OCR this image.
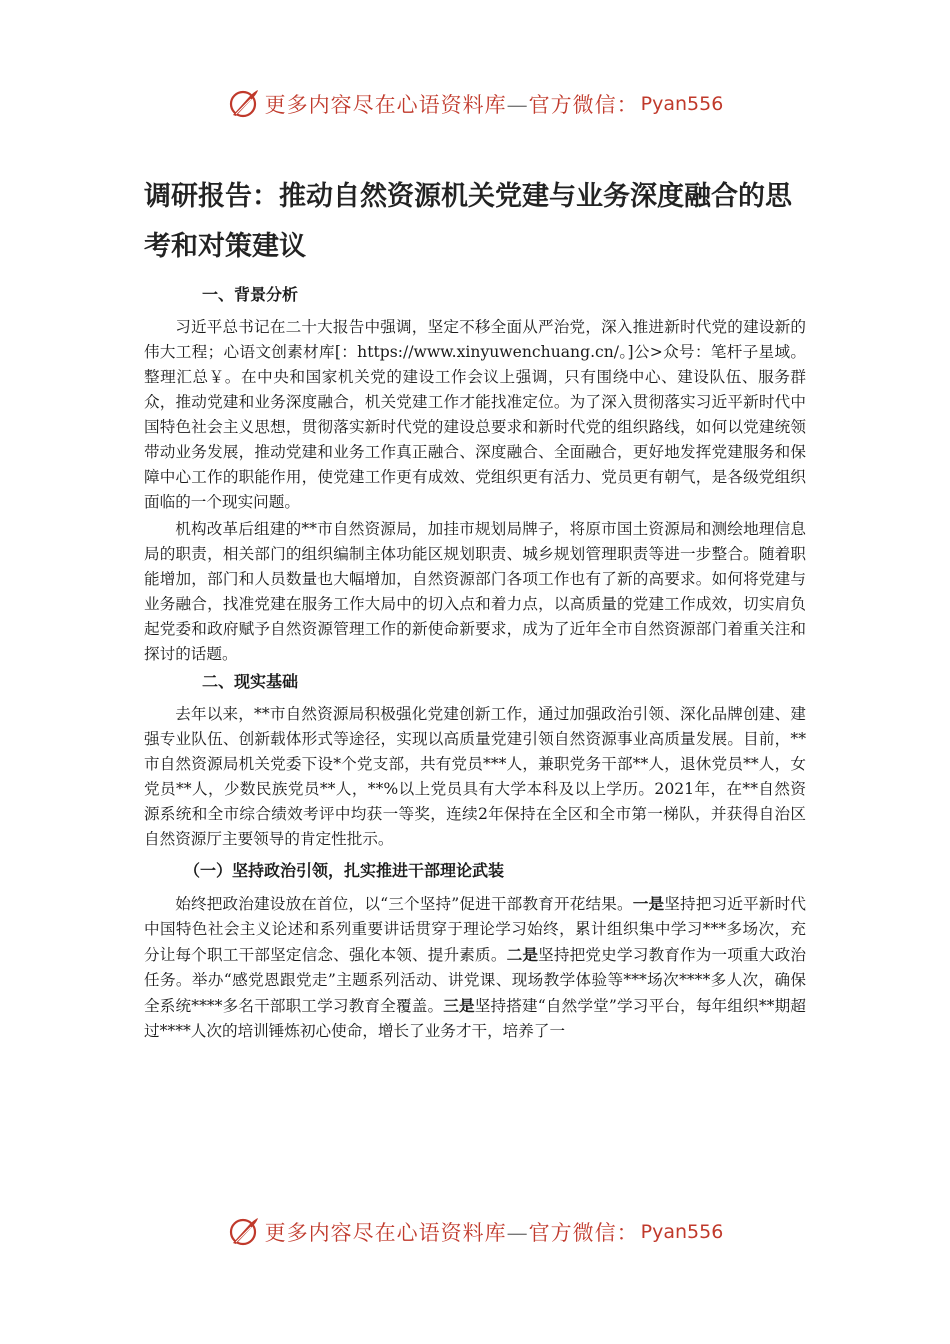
更多内容尽在心语资料库—官方微信： Pyan556
调研报告：推动自然资源机关党建与业务深度融合的思考和对策建议

一、背景分析

习近平总书记在二十大报告中强调，坚定不移全面从严治党，深入推进新时代党的建设新的伟大工程；心语文创素材库[：https://www.xinyuwenchuang.cn/。]公>众号：笔杆子星域。整理汇总￥。在中央和国家机关党的建设工作会议上强调，只有围绕中心、建设队伍、服务群众，推动党建和业务深度融合，机关党建工作才能找准定位。为了深入贯彻落实习近平新时代中国特色社会主义思想，贯彻落实新时代党的建设总要求和新时代党的组织路线，如何以党建统领带动业务发展，推动党建和业务工作真正融合、深度融合、全面融合，更好地发挥党建服务和保障中心工作的职能作用，使党建工作更有成效、党组织更有活力、党员更有朝气，是各级党组织面临的一个现实问题。

机构改革后组建的**市自然资源局，加挂市规划局牌子，将原市国土资源局和测绘地理信息局的职责，相关部门的组织编制主体功能区规划职责、城乡规划管理职责等进一步整合。随着职能增加，部门和人员数量也大幅增加，自然资源部门各项工作也有了新的高要求。如何将党建与业务融合，找准党建在服务工作大局中的切入点和着力点，以高质量的党建工作成效，切实肩负起党委和政府赋予自然资源管理工作的新使命新要求，成为了近年全市自然资源部门着重关注和探讨的话题。

二、现实基础

去年以来，**市自然资源局积极强化党建创新工作，通过加强政治引领、深化品牌创建、建强专业队伍、创新载体形式等途径，实现以高质量党建引领自然资源事业高质量发展。目前，**市自然资源局机关党委下设*个党支部，共有党员***人，兼职党务干部**人，退休党员**人，女党员**人，少数民族党员**人，**%以上党员具有大学本科及以上学历。2021年，在**自然资源系统和全市综合绩效考评中均获一等奖，连续2年保持在全区和全市第一梯队，并获得自治区自然资源厅主要领导的肯定性批示。

（一）坚持政治引领，扎实推进干部理论武装

始终把政治建设放在首位，以“三个坚持”促进干部教育开花结果。一是坚持把习近平新时代中国特色社会主义论述和系列重要讲话贯穿于理论学习始终，累计组织集中学习***多场次，充分让每个职工干部坚定信念、强化本领、提升素质。二是坚持把党史学习教育作为一项重大政治任务。举办“感党恩跟党走”主题系列活动、讲党课、现场教学体验等***场次****多人次，确保全系统****多名干部职工学习教育全覆盖。三是坚持搭建“自然学堂”学习平台，每年组织**期超过****人次的培训锤炼初心使命，增长了业务才干，培养了一

更多内容尽在心语资料库—官方微信： Pyan556
